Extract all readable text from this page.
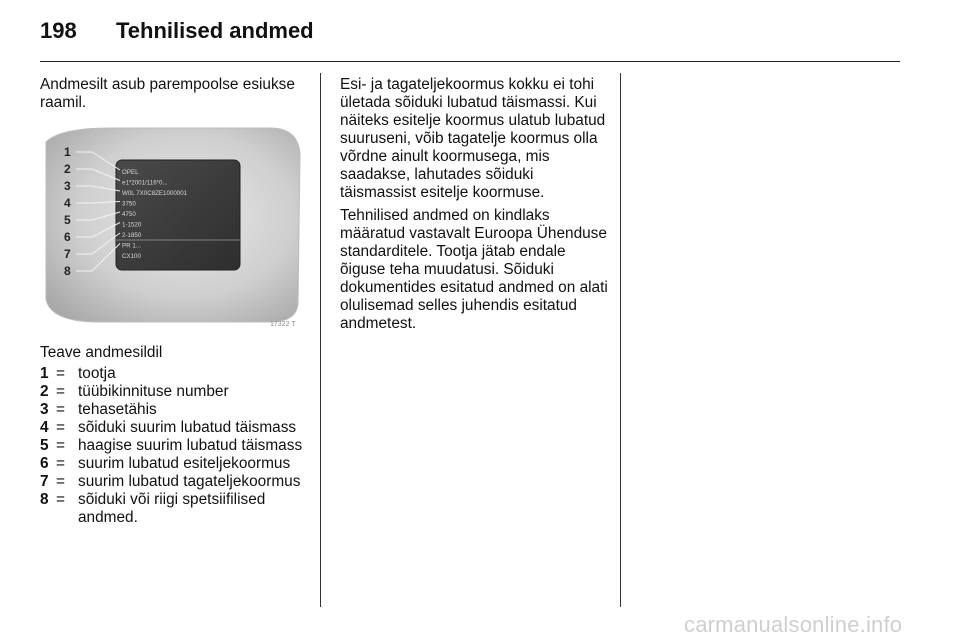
198 Tehnilised andmed

Andmesilt asub parempoolse esiukse raamil.

OPEL
e1*2001/116*0...
W0L 7X0C8ZE1000001
3750
4750
1-1520
2-1850
PR 1...
CX100
1
2
3
4
5
6
7
8
17322 T
Teave andmesildil
1 = tootja
2 = tüübikinnituse number
3 = tehasetähis
4 = sõiduki suurim lubatud täismass
5 = haagise suurim lubatud täismass
6 = suurim lubatud esiteljekoormus
7 = suurim lubatud tagateljekoormus
8 = sõiduki või riigi spetsiifilised andmed.

Esi- ja tagateljekoormus kokku ei tohi ületada sõiduki lubatud täismassi. Kui näiteks esitelje koormus ulatub lubatud suuruseni, võib tagatelje koormus olla võrdne ainult koormusega, mis saadakse, lahutades sõiduki täismassist esitelje koormuse.

Tehnilised andmed on kindlaks määratud vastavalt Euroopa Ühenduse standarditele. Tootja jätab endale õiguse teha muudatusi. Sõiduki dokumentides esitatud andmed on alati olulisemad selles juhendis esitatud andmetest.

carmanualsonline.info
